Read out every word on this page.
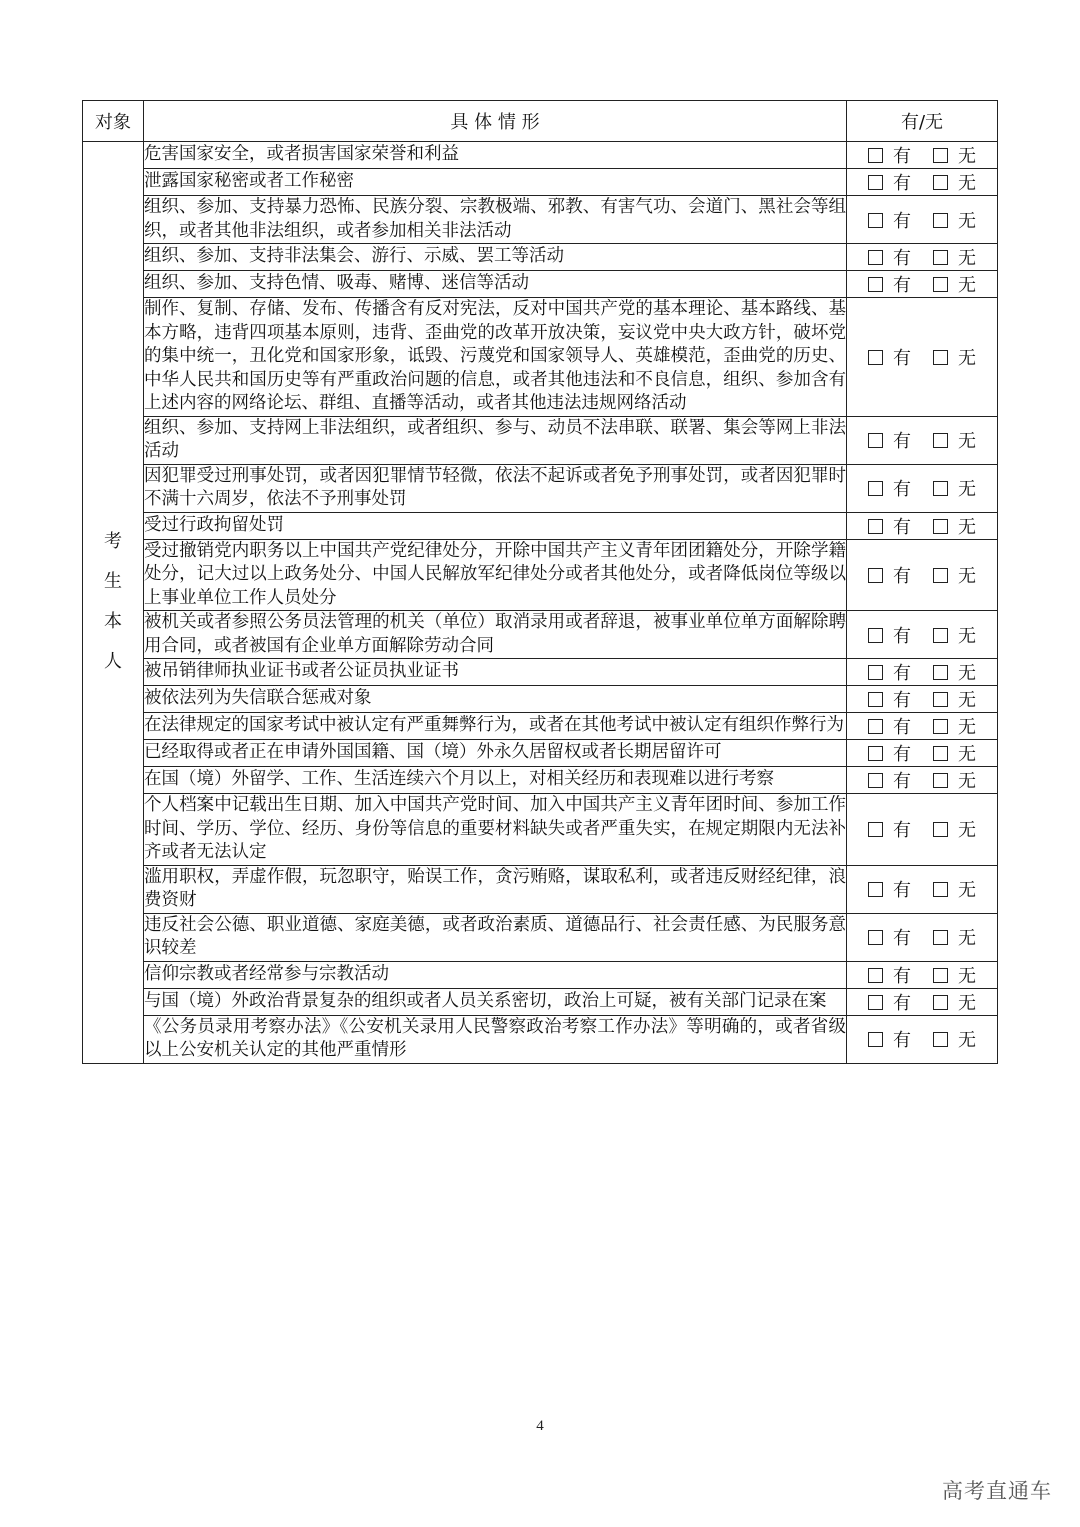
对象	具 体 情 形	有/无

考生本人	危害国家安全，或者损害国家荣誉和利益	有 无
	泄露国家秘密或者工作秘密	有 无
	组织、参加、支持暴力恐怖、民族分裂、宗教极端、邪教、有害气功、会道门、黑社会等组织，或者其他非法组织，或者参加相关非法活动	有 无
	组织、参加、支持非法集会、游行、示威、罢工等活动	有 无
	组织、参加、支持色情、吸毒、赌博、迷信等活动	有 无
	制作、复制、存储、发布、传播含有反对宪法，反对中国共产党的基本理论、基本路线、基本方略，违背四项基本原则，违背、歪曲党的改革开放决策，妄议党中央大政方针，破坏党的集中统一，丑化党和国家形象，诋毁、污蔑党和国家领导人、英雄模范，歪曲党的历史、中华人民共和国历史等有严重政治问题的信息，或者其他违法和不良信息，组织、参加含有上述内容的网络论坛、群组、直播等活动，或者其他违法违规网络活动	有 无
	组织、参加、支持网上非法组织，或者组织、参与、动员不法串联、联署、集会等网上非法活动	有 无
	因犯罪受过刑事处罚，或者因犯罪情节轻微，依法不起诉或者免予刑事处罚，或者因犯罪时不满十六周岁，依法不予刑事处罚	有 无
	受过行政拘留处罚	有 无
	受过撤销党内职务以上中国共产党纪律处分，开除中国共产主义青年团团籍处分，开除学籍处分，记大过以上政务处分、中国人民解放军纪律处分或者其他处分，或者降低岗位等级以上事业单位工作人员处分	有 无
	被机关或者参照公务员法管理的机关（单位）取消录用或者辞退，被事业单位单方面解除聘用合同，或者被国有企业单方面解除劳动合同	有 无
	被吊销律师执业证书或者公证员执业证书	有 无
	被依法列为失信联合惩戒对象	有 无
	在法律规定的国家考试中被认定有严重舞弊行为，或者在其他考试中被认定有组织作弊行为	有 无
	已经取得或者正在申请外国国籍、国（境）外永久居留权或者长期居留许可	有 无
	在国（境）外留学、工作、生活连续六个月以上，对相关经历和表现难以进行考察	有 无
	个人档案中记载出生日期、加入中国共产党时间、加入中国共产主义青年团时间、参加工作时间、学历、学位、经历、身份等信息的重要材料缺失或者严重失实，在规定期限内无法补齐或者无法认定	有 无
	滥用职权，弄虚作假，玩忽职守，贻误工作，贪污贿赂，谋取私利，或者违反财经纪律，浪费资财	有 无
	违反社会公德、职业道德、家庭美德，或者政治素质、道德品行、社会责任感、为民服务意识较差	有 无
	信仰宗教或者经常参与宗教活动	有 无
	与国（境）外政治背景复杂的组织或者人员关系密切，政治上可疑，被有关部门记录在案	有 无
	《公务员录用考察办法》《公安机关录用人民警察政治考察工作办法》等明确的，或者省级以上公安机关认定的其他严重情形	有 无
4
高考直通车
